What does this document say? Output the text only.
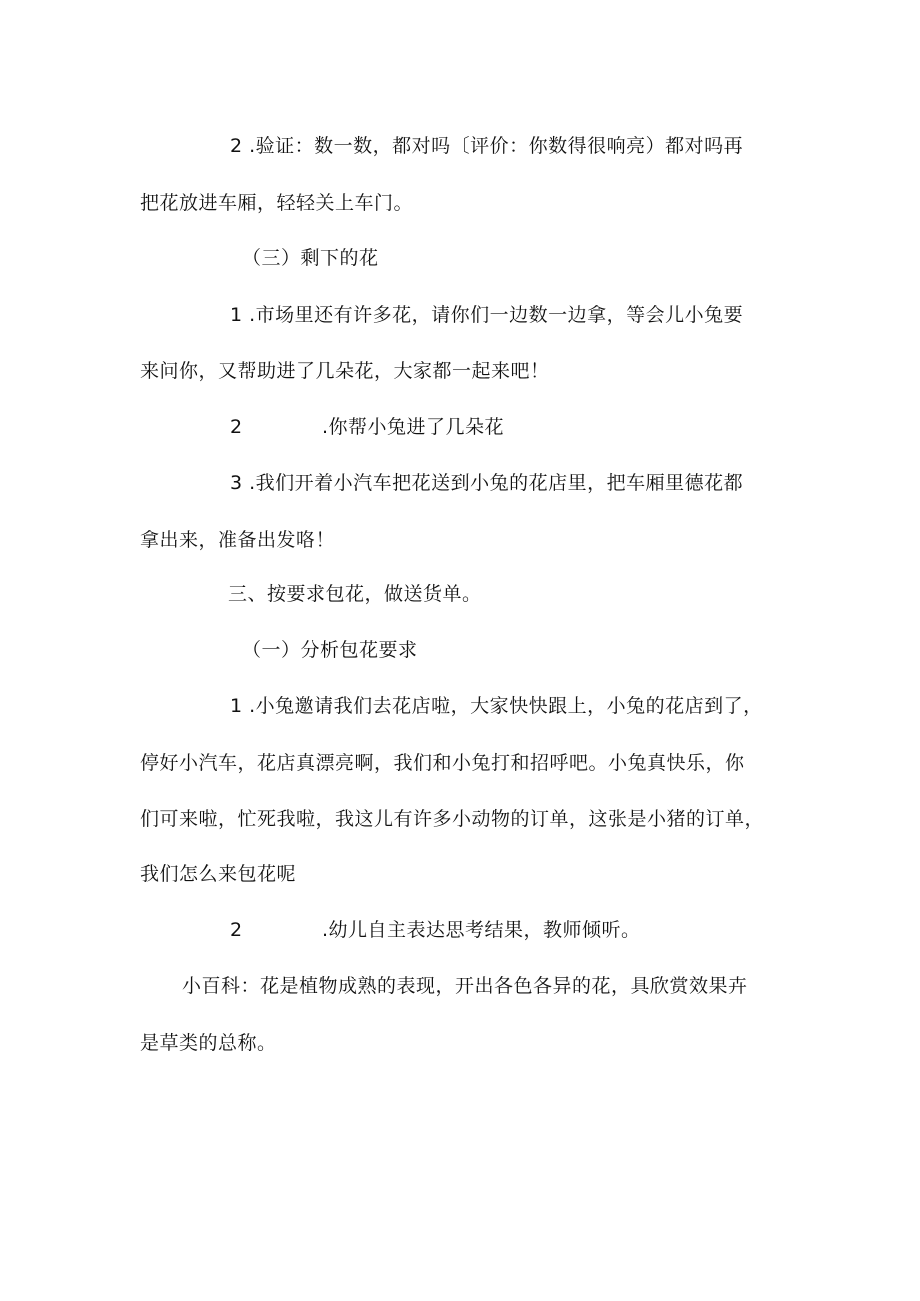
2 .验证：数一数，都对吗〔评价：你数得很响亮）都对吗再
把花放进车厢，轻轻关上车门。
（三）剩下的花
1 .市场里还有许多花，请你们一边数一边拿，等会儿小兔要
来问你，又帮助进了几朵花，大家都一起来吧！
2	.你帮小兔进了几朵花
3 .我们开着小汽车把花送到小兔的花店里，把车厢里德花都
拿出来，准备出发咯！
三、按要求包花，做送货单。
（一）分析包花要求
1 .小兔邀请我们去花店啦，大家快快跟上，小兔的花店到了，
停好小汽车，花店真漂亮啊，我们和小兔打和招呼吧。小兔真快乐，你
们可来啦，忙死我啦，我这儿有许多小动物的订单，这张是小猪的订单，
我们怎么来包花呢
2	.幼儿自主表达思考结果，教师倾听。
小百科：花是植物成熟的表现，开出各色各异的花，具欣赏效果卉
是草类的总称。
